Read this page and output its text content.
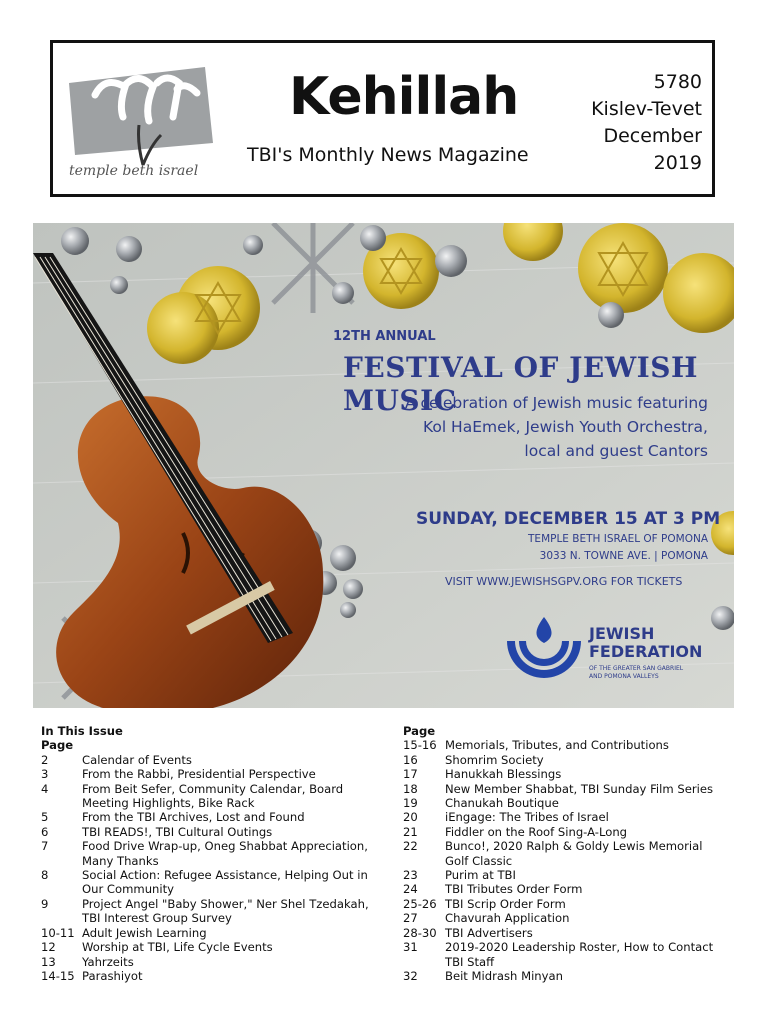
temple beth israel
Kehillah
TBI's Monthly News Magazine
5780
Kislev-Tevet
December
2019
12TH ANNUAL
FESTIVAL OF JEWISH MUSIC
A celebration of Jewish music featuring
Kol HaEmek, Jewish Youth Orchestra,
local and guest Cantors
SUNDAY, DECEMBER 15 AT 3 PM
TEMPLE BETH ISRAEL OF POMONA
3033 N. TOWNE AVE. | POMONA
VISIT WWW.JEWISHSGPV.ORG FOR TICKETS
JEWISH
FEDERATION
OF THE GREATER SAN GABRIEL
AND POMONA VALLEYS
In This Issue
Page
2	Calendar of Events
3	From the Rabbi, Presidential Perspective
4	From Beit Sefer, Community Calendar, Board Meeting Highlights, Bike Rack
5	From the TBI Archives, Lost and Found
6	TBI READS!, TBI Cultural Outings
7	Food Drive Wrap-up, Oneg Shabbat Appreciation, Many Thanks
8	Social Action: Refugee Assistance, Helping Out in Our Community
9	Project Angel "Baby Shower," Ner Shel Tzedakah, TBI Interest Group Survey
10-11 Adult Jewish Learning
12	Worship at TBI, Life Cycle Events
13	Yahrzeits
14-15 Parashiyot
Page
15-16 Memorials, Tributes, and Contributions
16	Shomrim Society
17	Hanukkah Blessings
18	New Member Shabbat, TBI Sunday Film Series
19	Chanukah Boutique
20	iEngage: The Tribes of Israel
21	Fiddler on the Roof Sing-A-Long
22	Bunco!, 2020 Ralph & Goldy Lewis Memorial Golf Classic
23	Purim at TBI
24	TBI Tributes Order Form
25-26 TBI Scrip Order Form
27	Chavurah Application
28-30 TBI Advertisers
31	2019-2020 Leadership Roster, How to Contact TBI Staff
32	Beit Midrash Minyan
